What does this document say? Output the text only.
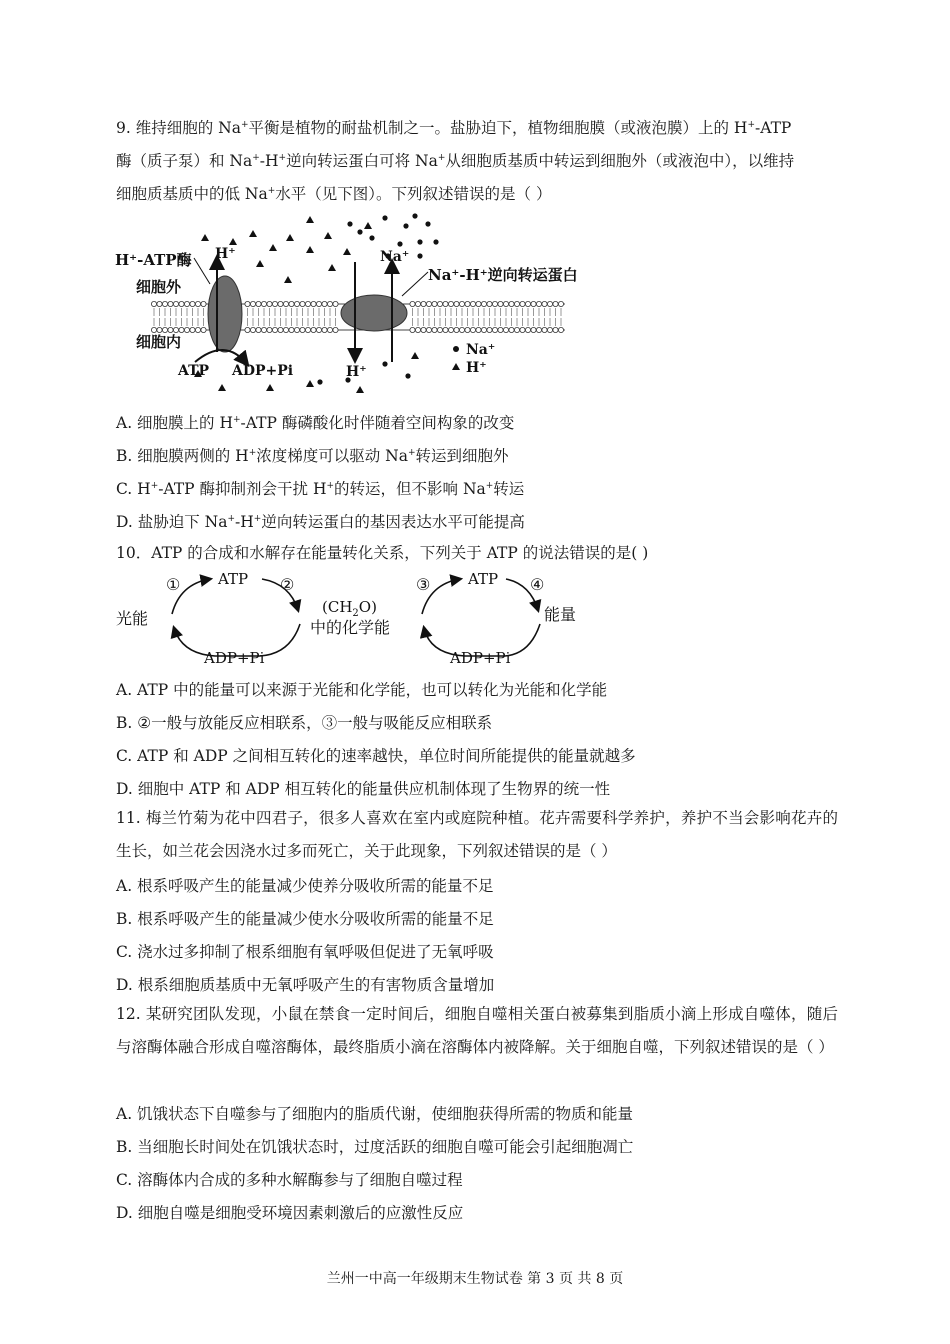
9. 维持细胞的 Na+平衡是植物的耐盐机制之一。盐胁迫下，植物细胞膜（或液泡膜）上的 H+-ATP
酶（质子泵）和 Na+-H+逆向转运蛋白可将 Na+从细胞质基质中转运到细胞外（或液泡中），以维持
细胞质基质中的低 Na+水平（见下图）。下列叙述错误的是（ ）
H⁺-ATP酶 H⁺	Na⁺
Na⁺-H⁺逆向转运蛋白
细胞外
细胞内
ATP ADP+Pi	H⁺
Na⁺
H⁺
A. 细胞膜上的 H+-ATP 酶磷酸化时伴随着空间构象的改变
B. 细胞膜两侧的 H+浓度梯度可以驱动 Na+转运到细胞外
C. H+-ATP 酶抑制剂会干扰 H+的转运，但不影响 Na+转运
D. 盐胁迫下 Na+-H+逆向转运蛋白的基因表达水平可能提高
10．ATP 的合成和水解存在能量转化关系，下列关于 ATP 的说法错误的是( )
①	ATP ②
光能
$(CH_2O)$
中的化学能
ADP+Pi
③	ATP ④
能量
ADP+Pi
A. ATP 中的能量可以来源于光能和化学能，也可以转化为光能和化学能
B. ②一般与放能反应相联系，③一般与吸能反应相联系
C. ATP 和 ADP 之间相互转化的速率越快，单位时间所能提供的能量就越多
D. 细胞中 ATP 和 ADP 相互转化的能量供应机制体现了生物界的统一性
11. 梅兰竹菊为花中四君子，很多人喜欢在室内或庭院种植。花卉需要科学养护，养护不当会影响花卉的生长，如兰花会因浇水过多而死亡，关于此现象，下列叙述错误的是（ ）
A. 根系呼吸产生的能量减少使养分吸收所需的能量不足
B. 根系呼吸产生的能量减少使水分吸收所需的能量不足
C. 浇水过多抑制了根系细胞有氧呼吸但促进了无氧呼吸
D. 根系细胞质基质中无氧呼吸产生的有害物质含量增加
12. 某研究团队发现，小鼠在禁食一定时间后，细胞自噬相关蛋白被募集到脂质小滴上形成自噬体，随后与溶酶体融合形成自噬溶酶体，最终脂质小滴在溶酶体内被降解。关于细胞自噬，下列叙述错误的是（ ）
A. 饥饿状态下自噬参与了细胞内的脂质代谢，使细胞获得所需的物质和能量
B. 当细胞长时间处在饥饿状态时，过度活跃的细胞自噬可能会引起细胞凋亡
C. 溶酶体内合成的多种水解酶参与了细胞自噬过程
D. 细胞自噬是细胞受环境因素刺激后的应激性反应
兰州一中高一年级期末生物试卷 第 3 页 共 8 页
